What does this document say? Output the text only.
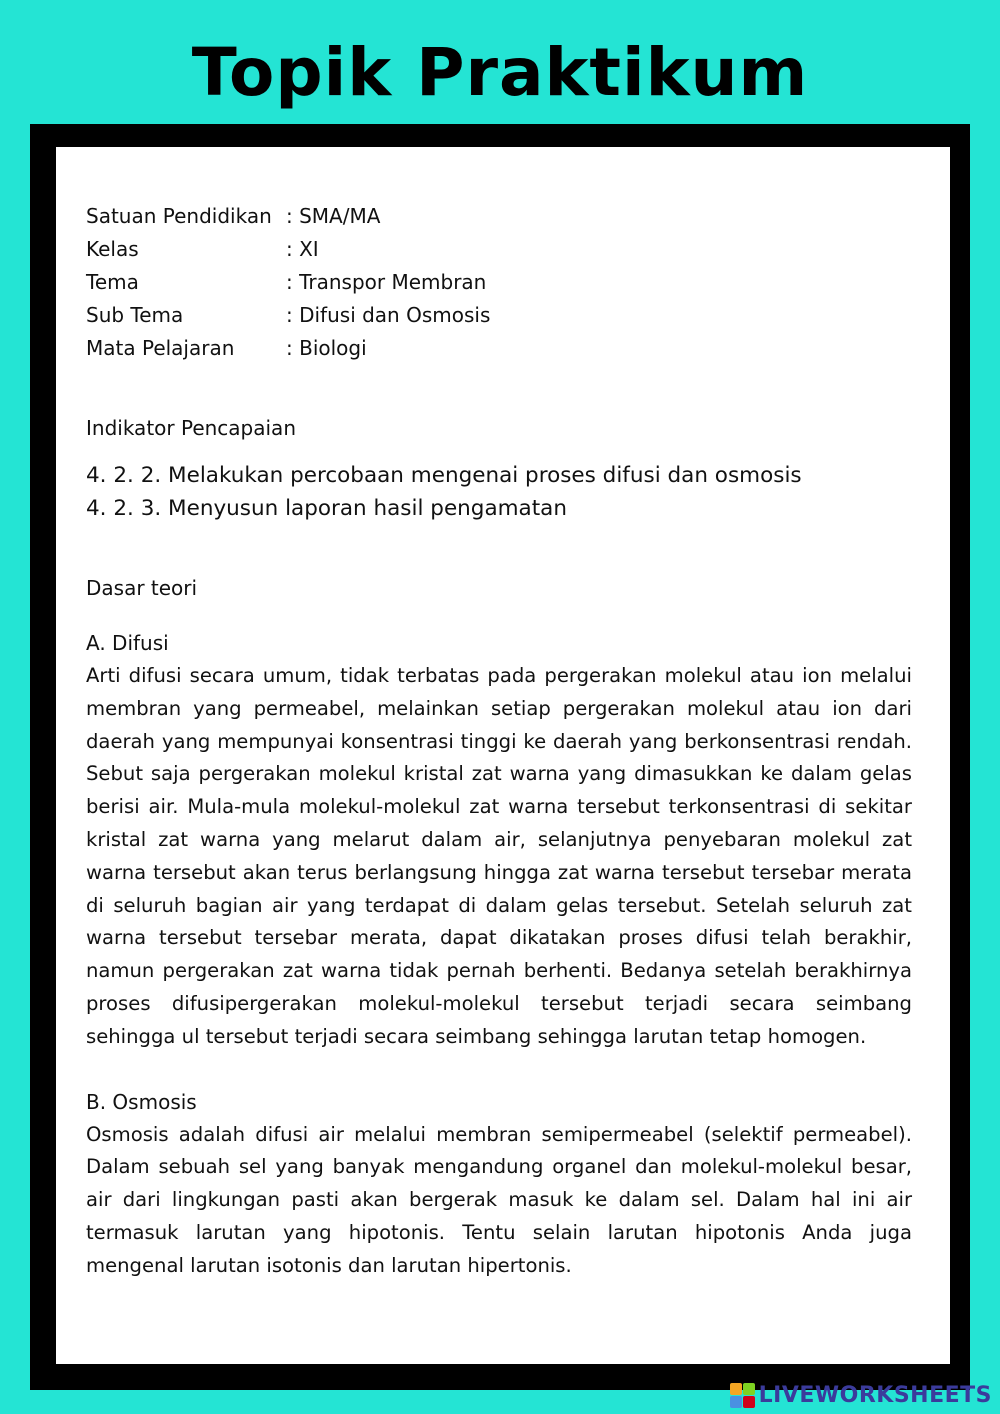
Topik Praktikum
Satuan Pendidikan : SMA/MA
Kelas	: XI
Tema	: Transpor Membran
Sub Tema	: Difusi dan Osmosis
Mata Pelajaran	: Biologi
Indikator Pencapaian
4. 2. 2. Melakukan percobaan mengenai proses difusi dan osmosis
4. 2. 3. Menyusun laporan hasil pengamatan
Dasar teori
A. Difusi

Arti difusi secara umum, tidak terbatas pada pergerakan molekul atau ion melalui membran yang permeabel, melainkan setiap pergerakan molekul atau ion dari daerah yang mempunyai konsentrasi tinggi ke daerah yang berkonsentrasi rendah. Sebut saja pergerakan molekul kristal zat warna yang dimasukkan ke dalam gelas berisi air. Mula-mula molekul-molekul zat warna tersebut terkonsentrasi di sekitar kristal zat warna yang melarut dalam air, selanjutnya penyebaran molekul zat warna tersebut akan terus berlangsung hingga zat warna tersebut tersebar merata di seluruh bagian air yang terdapat di dalam gelas tersebut. Setelah seluruh zat warna tersebut tersebar merata, dapat dikatakan proses difusi telah berakhir, namun pergerakan zat warna tidak pernah berhenti. Bedanya setelah berakhirnya proses difusipergerakan molekul-molekul tersebut terjadi secara seimbang sehingga ul tersebut terjadi secara seimbang sehingga larutan tetap homogen.

B. Osmosis

Osmosis adalah difusi air melalui membran semipermeabel (selektif permeabel). Dalam sebuah sel yang banyak mengandung organel dan molekul-molekul besar, air dari lingkungan pasti akan bergerak masuk ke dalam sel. Dalam hal ini air termasuk larutan yang hipotonis. Tentu selain larutan hipotonis Anda juga mengenal larutan isotonis dan larutan hipertonis.

LIVEWORKSHEETS
